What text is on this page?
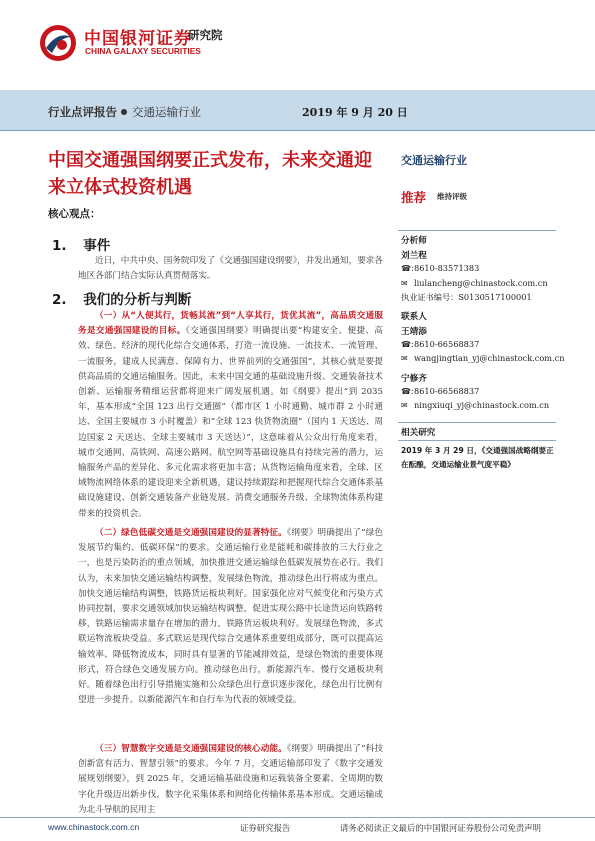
中国银河证券
CHINA GALAXY SECURITIES
研究院
行业点评报告 交通运输行业	2019 年 9 月 20 日
中国交通强国纲要正式发布，未来交通迎来立体式投资机遇
核心观点：
1. 事件
近日，中共中央、国务院印发了《交通强国建设纲要》，并发出通知，要求各地区各部门结合实际认真贯彻落实。
2. 我们的分析与判断
（一）从“人便其行，货畅其流”到“人享其行，货优其流”，高品质交通服务是交通强国建设的目标。《交通强国纲要》明确提出要“构建安全、便捷、高效、绿色、经济的现代化综合交通体系，打造一流设施、一流技术、一流管理、一流服务，建成人民满意、保障有力、世界前列的交通强国”，其核心就是要提供高品质的交通运输服务。因此，未来中国交通的基础设施升级、交通装备技术创新、运输服务精细运营都将迎来广阔发展机遇。如《纲要》提出“到 2035 年，基本形成“全国 123 出行交通圈”（都市区 1 小时通勤、城市群 2 小时通达、全国主要城市 3 小时覆盖）和“全球 123 快货物流圈”（国内 1 天送达、周边国家 2 天送达、全球主要城市 3 天送达）”，这意味着从公众出行角度来看，城市交通网、高铁网、高速公路网、航空网等基础设施具有持续完善的潜力，运输服务产品的差异化、多元化需求将更加丰富；从货物运输角度来看，全球、区域物流网络体系的建设迎来全新机遇，建议持续跟踪和把握现代综合交通体系基础设施建设、创新交通装备产业链发展、消费交通服务升级、全球物流体系构建带来的投资机会。
（二）绿色低碳交通是交通强国建设的显著特征。《纲要》明确提出了“绿色发展节约集约、低碳环保”的要求。交通运输行业是能耗和碳排放的三大行业之一，也是污染防治的重点领域，加快推进交通运输绿色低碳发展势在必行。我们认为，未来加快交通运输结构调整，发展绿色物流，推动绿色出行将成为重点。加快交通运输结构调整，铁路货运板块利好。国家强化应对气候变化和污染方式协同控制，要求交通领域加快运输结构调整，促进实现公路中长途货运向铁路转移，铁路运输需求量存在增加的潜力，铁路货运板块利好。发展绿色物流，多式联运物流板块受益。多式联运是现代综合交通体系重要组成部分，既可以提高运输效率、降低物流成本，同时具有显著的节能减排效益，是绿色物流的重要体现形式，符合绿色交通发展方向。推动绿色出行，新能源汽车、慢行交通板块利好。随着绿色出行引导措施实施和公众绿色出行意识逐步深化，绿色出行比例有望进一步提升。以新能源汽车和自行车为代表的领域受益。
（三）智慧数字交通是交通强国建设的核心动能。《纲要》明确提出了“科技创新富有活力、智慧引领”的要求。今年 7 月，交通运输部印发了《数字交通发展规划纲要》，到 2025 年，交通运输基础设施和运载装备全要素、全周期的数字化升级迈出新步伐，数字化采集体系和网络化传输体系基本形成。交通运输成为北斗导航的民用主
交通运输行业
推荐 维持评级
分析师
刘兰程
☎:8610-83571383
✉ liulancheng@chinastock.com.cn
执业证书编号：S0130517100001
联系人
王靖添
☎:8610-66568837
✉ wangjingtian_yj@chinastock.com.cn
宁修齐
☎:8610-66568837
✉ ningxiuqi_yj@chinastock.com.cn
相关研究
2019 年 3 月 29 日，《交通强国战略纲要正在酝酿，交通运输业景气度平稳》
www.chinastock.com.cn	证券研究报告	请务必阅读正文最后的中国银河证券股份公司免责声明
